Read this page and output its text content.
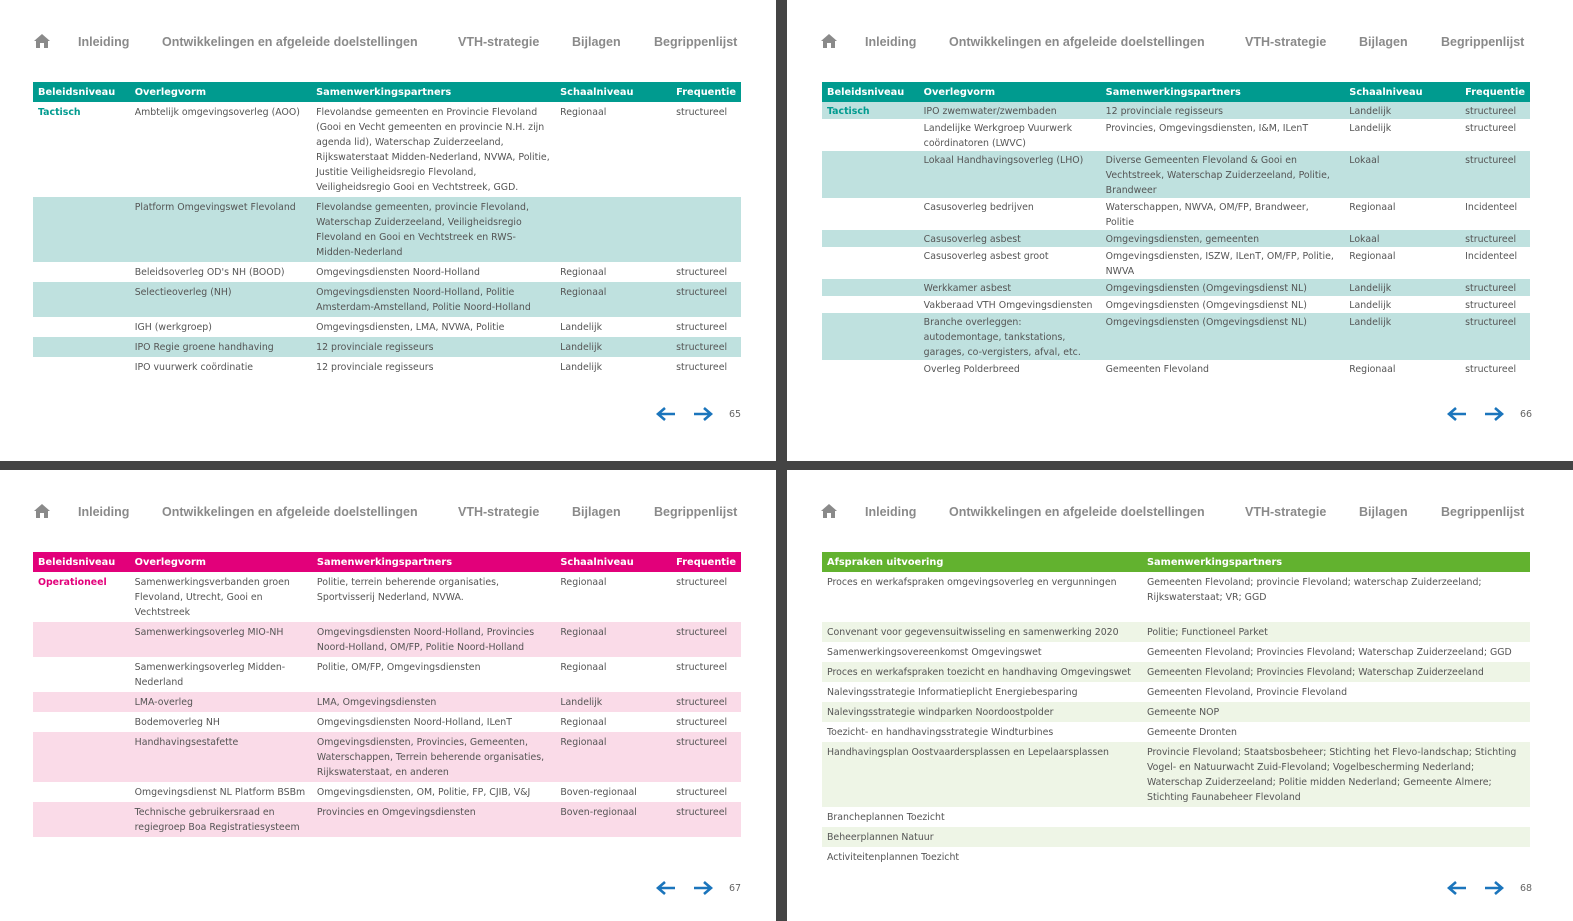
Inleiding	Ontwikkelingen en afgeleide doelstellingen	VTH-strategie	Bijlagen	Begrippenlijst
Beleidsniveau	Overlegvorm	Samenwerkingspartners	Schaalniveau	Frequentie
Tactisch	Ambtelijk omgevingsoverleg (AOO)	Flevolandse gemeenten en Provincie Flevoland (Gooi en Vecht gemeenten en provincie N.H. zijn agenda lid), Waterschap Zuiderzeeland, Rijkswaterstaat Midden-Nederland, NVWA, Politie, Justitie Veiligheidsregio Flevoland, Veiligheidsregio Gooi en Vechtstreek, GGD.	Regionaal	structureel
	Platform Omgevingswet Flevoland	Flevolandse gemeenten, provincie Flevoland, Waterschap Zuiderzeeland, Veiligheidsregio Flevoland en Gooi en Vechtstreek en RWS-Midden-Nederland		
	Beleidsoverleg OD's NH (BOOD)	Omgevingsdiensten Noord-Holland	Regionaal	structureel
	Selectieoverleg (NH)	Omgevingsdiensten Noord-Holland, Politie Amsterdam-Amstelland, Politie Noord-Holland	Regionaal	structureel
	IGH (werkgroep)	Omgevingsdiensten, LMA, NVWA, Politie	Landelijk	structureel
	IPO Regie groene handhaving	12 provinciale regisseurs	Landelijk	structureel
	IPO vuurwerk coördinatie	12 provinciale regisseurs	Landelijk	structureel
65
Inleiding	Ontwikkelingen en afgeleide doelstellingen	VTH-strategie	Bijlagen	Begrippenlijst
Beleidsniveau	Overlegvorm	Samenwerkingspartners	Schaalniveau	Frequentie
Tactisch	IPO zwemwater/zwembaden	12 provinciale regisseurs	Landelijk	structureel
	Landelijke Werkgroep Vuurwerk coördinatoren (LWVC)	Provincies, Omgevingsdiensten, I&M, ILenT	Landelijk	structureel
	Lokaal Handhavingsoverleg (LHO)	Diverse Gemeenten Flevoland & Gooi en Vechtstreek, Waterschap Zuiderzeeland, Politie, Brandweer	Lokaal	structureel
	Casusoverleg bedrijven	Waterschappen, NWVA, OM/FP, Brandweer, Politie	Regionaal	Incidenteel
	Casusoverleg asbest	Omgevingsdiensten, gemeenten	Lokaal	structureel
	Casusoverleg asbest groot	Omgevingsdiensten, ISZW, ILenT, OM/FP, Politie, NWVA	Regionaal	Incidenteel
	Werkkamer asbest	Omgevingsdiensten (Omgevingsdienst NL)	Landelijk	structureel
	Vakberaad VTH Omgevingsdiensten	Omgevingsdiensten (Omgevingsdienst NL)	Landelijk	structureel
	Branche overleggen: autodemontage, tankstations, garages, co-vergisters, afval, etc.	Omgevingsdiensten (Omgevingsdienst NL)	Landelijk	structureel
	Overleg Polderbreed	Gemeenten Flevoland	Regionaal	structureel
66
Inleiding	Ontwikkelingen en afgeleide doelstellingen	VTH-strategie	Bijlagen	Begrippenlijst
Beleidsniveau	Overlegvorm	Samenwerkingspartners	Schaalniveau	Frequentie
Operationeel	Samenwerkingsverbanden groen Flevoland, Utrecht, Gooi en Vechtstreek	Politie, terrein beherende organisaties, Sportvisserij Nederland, NVWA.	Regionaal	structureel
	Samenwerkingsoverleg MIO-NH	Omgevingsdiensten Noord-Holland, Provincies Noord-Holland, OM/FP, Politie Noord-Holland	Regionaal	structureel
	Samenwerkingsoverleg Midden-Nederland	Politie, OM/FP, Omgevingsdiensten	Regionaal	structureel
	LMA-overleg	LMA, Omgevingsdiensten	Landelijk	structureel
	Bodemoverleg NH	Omgevingsdiensten Noord-Holland, ILenT	Regionaal	structureel
	Handhavingsestafette	Omgevingsdiensten, Provincies, Gemeenten, Waterschappen, Terrein beherende organisaties, Rijkswaterstaat, en anderen	Regionaal	structureel
	Omgevingsdienst NL Platform BSBm	Omgevingsdiensten, OM, Politie, FP, CJIB, V&J	Boven-regionaal	structureel
	Technische gebruikersraad en regiegroep Boa Registratiesysteem	Provincies en Omgevingsdiensten	Boven-regionaal	structureel
67
Inleiding	Ontwikkelingen en afgeleide doelstellingen	VTH-strategie	Bijlagen	Begrippenlijst
Afspraken uitvoering	Samenwerkingspartners
Proces en werkafspraken omgevingsoverleg en vergunningen	Gemeenten Flevoland; provincie Flevoland; waterschap Zuiderzeeland; Rijkswaterstaat; VR; GGD
Convenant voor gegevensuitwisseling en samenwerking 2020	Politie; Functioneel Parket
Samenwerkingsovereenkomst Omgevingswet	Gemeenten Flevoland; Provincies Flevoland; Waterschap Zuiderzeeland; GGD
Proces en werkafspraken toezicht en handhaving Omgevingswet	Gemeenten Flevoland; Provincies Flevoland; Waterschap Zuiderzeeland
Nalevingsstrategie Informatieplicht Energiebesparing	Gemeenten Flevoland, Provincie Flevoland
Nalevingsstrategie windparken Noordoostpolder	Gemeente NOP
Toezicht- en handhavingsstrategie Windturbines	Gemeente Dronten
Handhavingsplan Oostvaardersplassen en Lepelaarsplassen	Provincie Flevoland; Staatsbosbeheer; Stichting het Flevo-landschap; Stichting Vogel- en Natuurwacht Zuid-Flevoland; Vogelbescherming Nederland; Waterschap Zuiderzeeland; Politie midden Nederland; Gemeente Almere; Stichting Faunabeheer Flevoland
Brancheplannen Toezicht	
Beheerplannen Natuur	
Activiteitenplannen Toezicht	
68
